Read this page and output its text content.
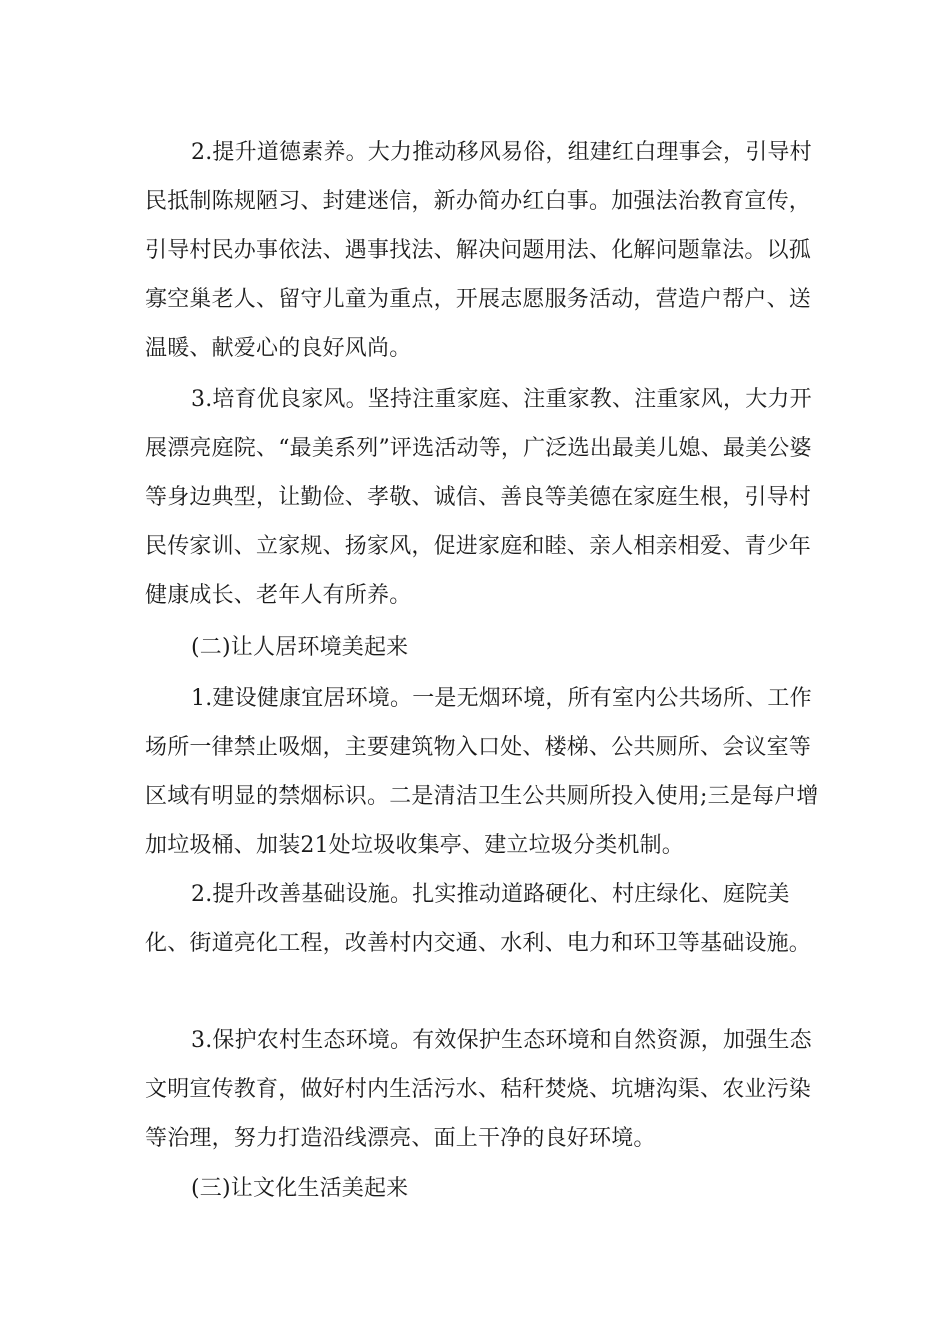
2.提升道德素养。大力推动移风易俗，组建红白理事会，引导村民抵制陈规陋习、封建迷信，新办简办红白事。加强法治教育宣传，引导村民办事依法、遇事找法、解决问题用法、化解问题靠法。以孤寡空巢老人、留守儿童为重点，开展志愿服务活动，营造户帮户、送温暖、献爱心的良好风尚。

3.培育优良家风。坚持注重家庭、注重家教、注重家风，大力开展漂亮庭院、“最美系列”评选活动等，广泛选出最美儿媳、最美公婆等身边典型，让勤俭、孝敬、诚信、善良等美德在家庭生根，引导村民传家训、立家规、扬家风，促进家庭和睦、亲人相亲相爱、青少年健康成长、老年人有所养。

(二)让人居环境美起来

1.建设健康宜居环境。一是无烟环境，所有室内公共场所、工作场所一律禁止吸烟，主要建筑物入口处、楼梯、公共厕所、会议室等区域有明显的禁烟标识。二是清洁卫生公共厕所投入使用;三是每户增加垃圾桶、加装21处垃圾收集亭、建立垃圾分类机制。

2.提升改善基础设施。扎实推动道路硬化、村庄绿化、庭院美化、街道亮化工程，改善村内交通、水利、电力和环卫等基础设施。

3.保护农村生态环境。有效保护生态环境和自然资源，加强生态文明宣传教育，做好村内生活污水、秸秆焚烧、坑塘沟渠、农业污染等治理，努力打造沿线漂亮、面上干净的良好环境。

(三)让文化生活美起来
